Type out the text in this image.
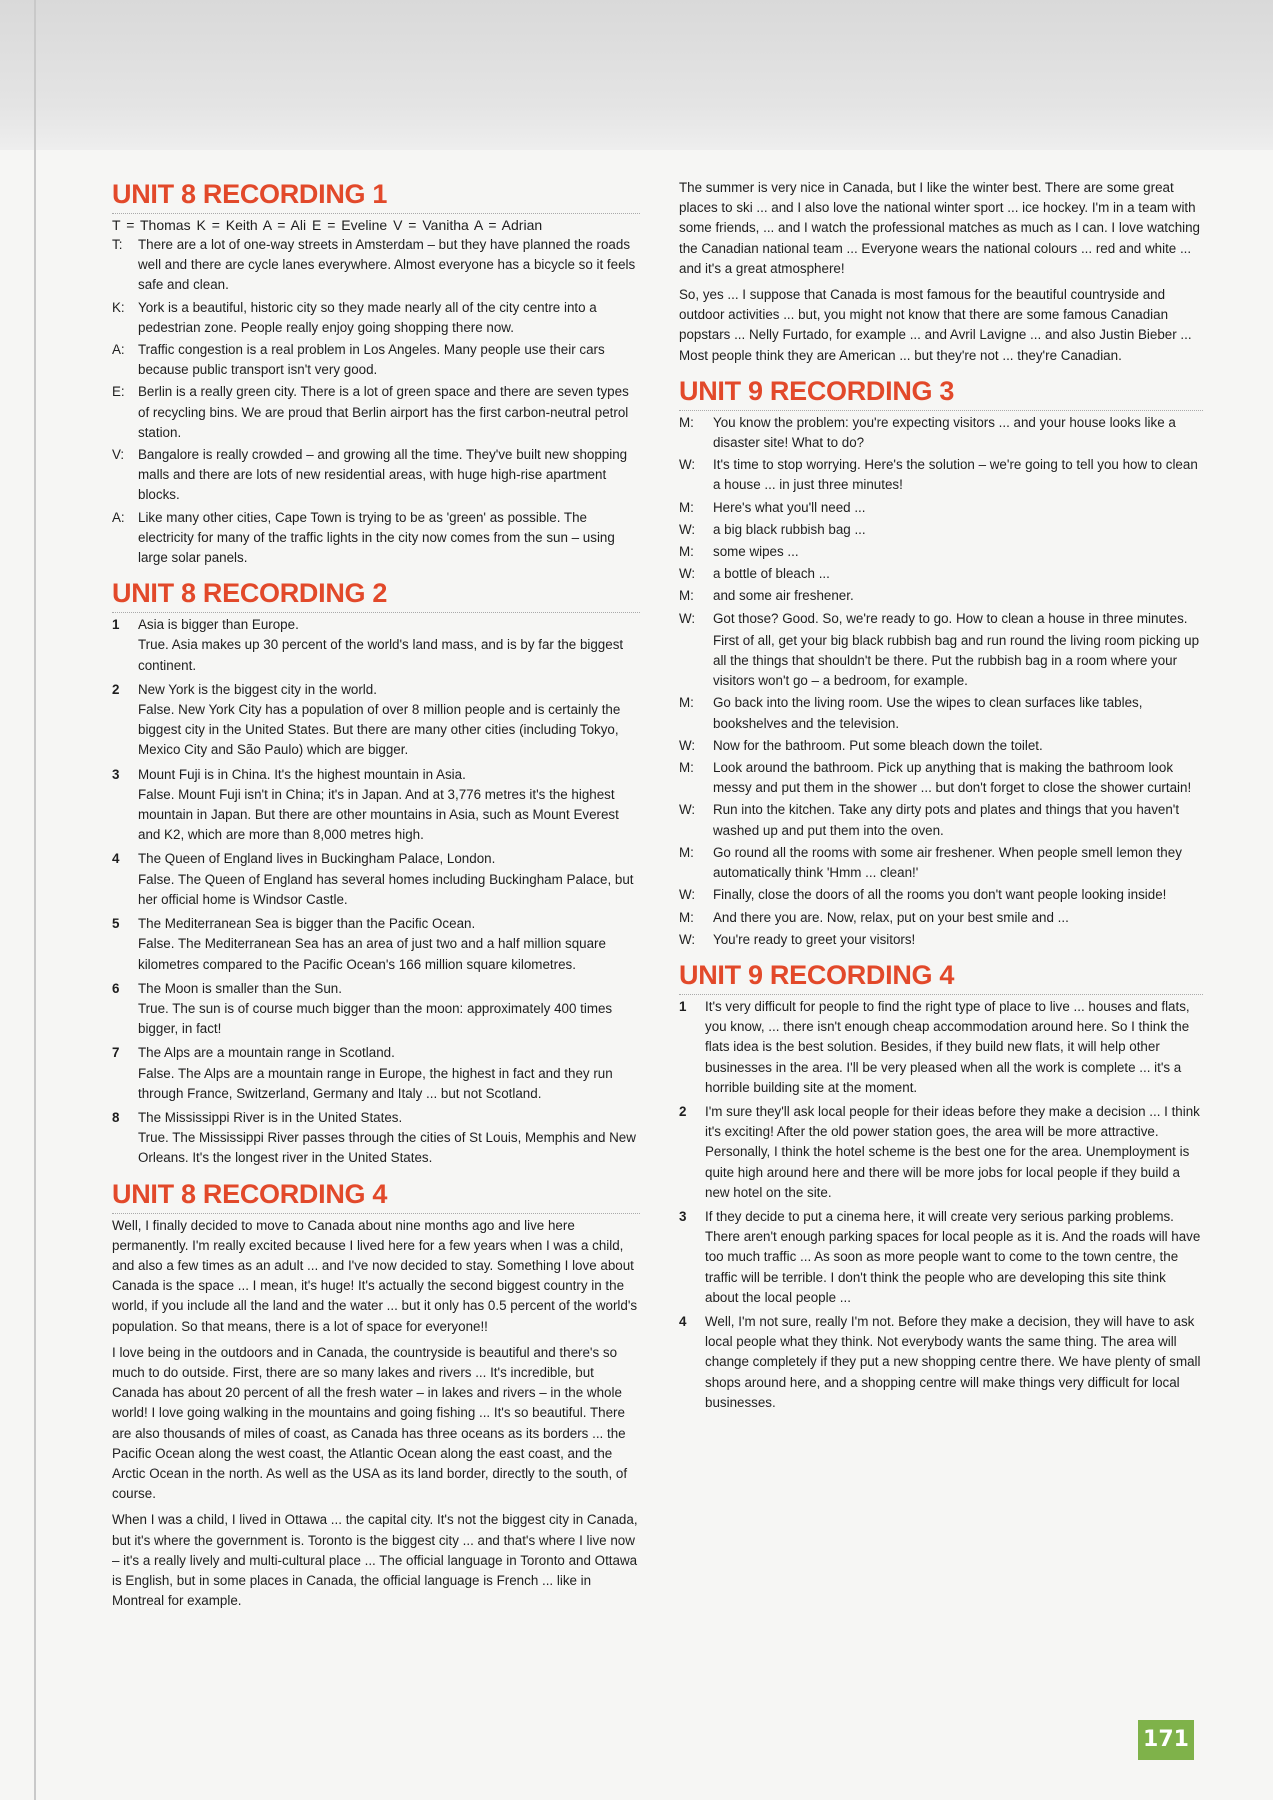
UNIT 8 RECORDING 1
T = Thomas K = Keith A = Ali E = Eveline V = Vanitha A = Adrian
T: There are a lot of one-way streets in Amsterdam – but they have planned the roads well and there are cycle lanes everywhere. Almost everyone has a bicycle so it feels safe and clean.
K: York is a beautiful, historic city so they made nearly all of the city centre into a pedestrian zone. People really enjoy going shopping there now.
A: Traffic congestion is a real problem in Los Angeles. Many people use their cars because public transport isn't very good.
E: Berlin is a really green city. There is a lot of green space and there are seven types of recycling bins. We are proud that Berlin airport has the first carbon-neutral petrol station.
V: Bangalore is really crowded – and growing all the time. They've built new shopping malls and there are lots of new residential areas, with huge high-rise apartment blocks.
A: Like many other cities, Cape Town is trying to be as 'green' as possible. The electricity for many of the traffic lights in the city now comes from the sun – using large solar panels.
UNIT 8 RECORDING 2
1 Asia is bigger than Europe.
True. Asia makes up 30 percent of the world's land mass, and is by far the biggest continent.
2 New York is the biggest city in the world.
False. New York City has a population of over 8 million people and is certainly the biggest city in the United States. But there are many other cities (including Tokyo, Mexico City and São Paulo) which are bigger.
3 Mount Fuji is in China. It's the highest mountain in Asia.
False. Mount Fuji isn't in China; it's in Japan. And at 3,776 metres it's the highest mountain in Japan. But there are other mountains in Asia, such as Mount Everest and K2, which are more than 8,000 metres high.
4 The Queen of England lives in Buckingham Palace, London.
False. The Queen of England has several homes including Buckingham Palace, but her official home is Windsor Castle.
5 The Mediterranean Sea is bigger than the Pacific Ocean.
False. The Mediterranean Sea has an area of just two and a half million square kilometres compared to the Pacific Ocean's 166 million square kilometres.
6 The Moon is smaller than the Sun.
True. The sun is of course much bigger than the moon: approximately 400 times bigger, in fact!
7 The Alps are a mountain range in Scotland.
False. The Alps are a mountain range in Europe, the highest in fact and they run through France, Switzerland, Germany and Italy ... but not Scotland.
8 The Mississippi River is in the United States.
True. The Mississippi River passes through the cities of St Louis, Memphis and New Orleans. It's the longest river in the United States.
UNIT 8 RECORDING 4

Well, I finally decided to move to Canada about nine months ago and live here permanently. I'm really excited because I lived here for a few years when I was a child, and also a few times as an adult ... and I've now decided to stay. Something I love about Canada is the space ... I mean, it's huge! It's actually the second biggest country in the world, if you include all the land and the water ... but it only has 0.5 percent of the world's population. So that means, there is a lot of space for everyone!!

I love being in the outdoors and in Canada, the countryside is beautiful and there's so much to do outside. First, there are so many lakes and rivers ... It's incredible, but Canada has about 20 percent of all the fresh water – in lakes and rivers – in the whole world! I love going walking in the mountains and going fishing ... It's so beautiful. There are also thousands of miles of coast, as Canada has three oceans as its borders ... the Pacific Ocean along the west coast, the Atlantic Ocean along the east coast, and the Arctic Ocean in the north. As well as the USA as its land border, directly to the south, of course.

When I was a child, I lived in Ottawa ... the capital city. It's not the biggest city in Canada, but it's where the government is. Toronto is the biggest city ... and that's where I live now – it's a really lively and multi-cultural place ... The official language in Toronto and Ottawa is English, but in some places in Canada, the official language is French ... like in Montreal for example.

The summer is very nice in Canada, but I like the winter best. There are some great places to ski ... and I also love the national winter sport ... ice hockey. I'm in a team with some friends, ... and I watch the professional matches as much as I can. I love watching the Canadian national team ... Everyone wears the national colours ... red and white ... and it's a great atmosphere!

So, yes ... I suppose that Canada is most famous for the beautiful countryside and outdoor activities ... but, you might not know that there are some famous Canadian popstars ... Nelly Furtado, for example ... and Avril Lavigne ... and also Justin Bieber ... Most people think they are American ... but they're not ... they're Canadian.

UNIT 9 RECORDING 3
M: You know the problem: you're expecting visitors ... and your house looks like a disaster site! What to do?
W: It's time to stop worrying. Here's the solution – we're going to tell you how to clean a house ... in just three minutes!
M: Here's what you'll need ...
W: a big black rubbish bag ...
M: some wipes ...
W: a bottle of bleach ...
M: and some air freshener.
W: Got those? Good. So, we're ready to go. How to clean a house in three minutes.
First of all, get your big black rubbish bag and run round the living room picking up all the things that shouldn't be there. Put the rubbish bag in a room where your visitors won't go – a bedroom, for example.
M: Go back into the living room. Use the wipes to clean surfaces like tables, bookshelves and the television.
W: Now for the bathroom. Put some bleach down the toilet.
M: Look around the bathroom. Pick up anything that is making the bathroom look messy and put them in the shower ... but don't forget to close the shower curtain!
W: Run into the kitchen. Take any dirty pots and plates and things that you haven't washed up and put them into the oven.
M: Go round all the rooms with some air freshener. When people smell lemon they automatically think 'Hmm ... clean!'
W: Finally, close the doors of all the rooms you don't want people looking inside!
M: And there you are. Now, relax, put on your best smile and ...
W: You're ready to greet your visitors!
UNIT 9 RECORDING 4
1 It's very difficult for people to find the right type of place to live ... houses and flats, you know, ... there isn't enough cheap accommodation around here. So I think the flats idea is the best solution. Besides, if they build new flats, it will help other businesses in the area. I'll be very pleased when all the work is complete ... it's a horrible building site at the moment.
2 I'm sure they'll ask local people for their ideas before they make a decision ... I think it's exciting! After the old power station goes, the area will be more attractive. Personally, I think the hotel scheme is the best one for the area. Unemployment is quite high around here and there will be more jobs for local people if they build a new hotel on the site.
3 If they decide to put a cinema here, it will create very serious parking problems. There aren't enough parking spaces for local people as it is. And the roads will have too much traffic ... As soon as more people want to come to the town centre, the traffic will be terrible. I don't think the people who are developing this site think about the local people ...
4 Well, I'm not sure, really I'm not. Before they make a decision, they will have to ask local people what they think. Not everybody wants the same thing. The area will change completely if they put a new shopping centre there. We have plenty of small shops around here, and a shopping centre will make things very difficult for local businesses.
171
